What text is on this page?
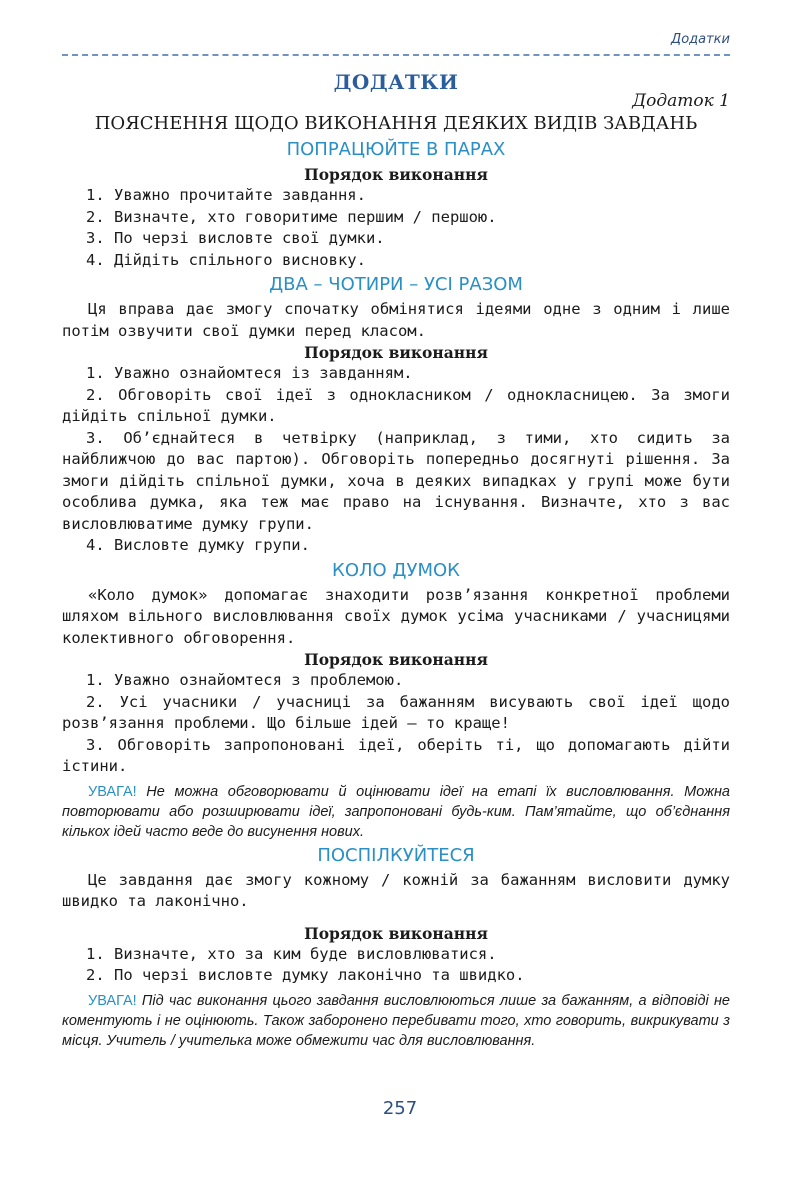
Додатки
ДОДАТКИ
Додаток 1
ПОЯСНЕННЯ ЩОДО ВИКОНАННЯ ДЕЯКИХ ВИДІВ ЗАВДАНЬ
ПОПРАЦЮЙТЕ В ПАРАХ
Порядок виконання

1. Уважно прочитайте завдання.

2. Визначте, хто говоритиме першим / першою.

3. По черзі висловте свої думки.

4. Дійдіть спільного висновку.

ДВА – ЧОТИРИ – УСІ РАЗОМ

Ця вправа дає змогу спочатку обмінятися ідеями одне з одним і лише потім озвучити свої думки перед класом.

Порядок виконання

1. Уважно ознайомтеся із завданням.

2. Обговоріть свої ідеї з однокласником / однокласницею. За змоги дійдіть спільної думки.

3. Об’єднайтеся в четвірку (наприклад, з тими, хто сидить за найближчою до вас партою). Обговоріть попередньо досягнуті рішення. За змоги дійдіть спільної думки, хоча в деяких випадках у групі може бути особлива думка, яка теж має право на існування. Визначте, хто з вас висловлюватиме думку групи.

4. Висловте думку групи.

КОЛО ДУМОК

«Коло думок» допомагає знаходити розв’язання конкретної проблеми шляхом вільного висловлювання своїх думок усіма учасниками / учасницями колективного обговорення.

Порядок виконання

1. Уважно ознайомтеся з проблемою.

2. Усі учасники / учасниці за бажанням висувають свої ідеї щодо розв’язання проблеми. Що більше ідей – то краще!

3. Обговоріть запропоновані ідеї, оберіть ті, що допомагають дійти істини.

УВАГА! Не можна обговорювати й оцінювати ідеї на етапі їх висловлювання. Можна повторювати або розширювати ідеї, запропоновані будь-ким. Пам’ятайте, що об’єднання кількох ідей часто веде до висунення нових.

ПОСПІЛКУЙТЕСЯ

Це завдання дає змогу кожному / кожній за бажанням висловити думку швидко та лаконічно.

Порядок виконання

1. Визначте, хто за ким буде висловлюватися.

2. По черзі висловте думку лаконічно та швидко.

УВАГА! Під час виконання цього завдання висловлюються лише за бажанням, а відповіді не коментують і не оцінюють. Також заборонено перебивати того, хто говорить, викрикувати з місця. Учитель / учителька може обмежити час для висловлювання.

257
